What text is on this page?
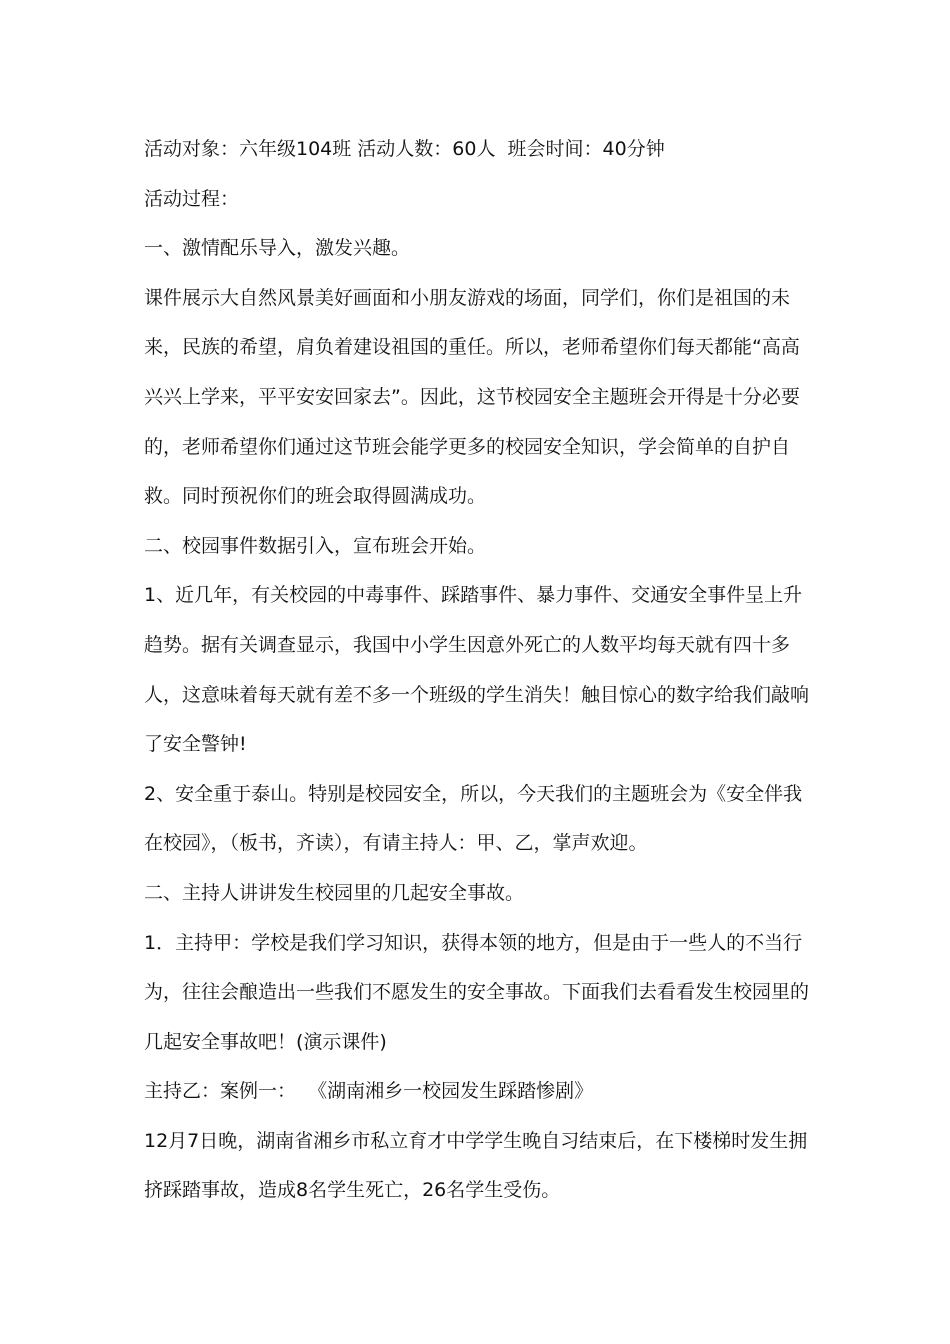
活动对象：六年级104班 活动人数：60人  班会时间：40分钟

活动过程：

一、激情配乐导入，激发兴趣。

课件展示大自然风景美好画面和小朋友游戏的场面，同学们，你们是祖国的未来，民族的希望，肩负着建设祖国的重任。所以，老师希望你们每天都能“高高兴兴上学来，平平安安回家去”。因此，这节校园安全主题班会开得是十分必要的，老师希望你们通过这节班会能学更多的校园安全知识，学会简单的自护自救。同时预祝你们的班会取得圆满成功。

二、校园事件数据引入，宣布班会开始。

1、近几年，有关校园的中毒事件、踩踏事件、暴力事件、交通安全事件呈上升趋势。据有关调查显示，我国中小学生因意外死亡的人数平均每天就有四十多人，这意味着每天就有差不多一个班级的学生消失！触目惊心的数字给我们敲响了安全警钟!

2、安全重于泰山。特别是校园安全，所以，今天我们的主题班会为《安全伴我在校园》，（板书，齐读），有请主持人：甲、乙，掌声欢迎。

二、主持人讲讲发生校园里的几起安全事故。

1．主持甲：学校是我们学习知识，获得本领的地方，但是由于一些人的不当行为，往往会酿造出一些我们不愿发生的安全事故。下面我们去看看发生校园里的几起安全事故吧！(演示课件)

主持乙：案例一：  《湖南湘乡一校园发生踩踏惨剧》

12月7日晚，湖南省湘乡市私立育才中学学生晚自习结束后，在下楼梯时发生拥挤踩踏事故，造成8名学生死亡，26名学生受伤。
